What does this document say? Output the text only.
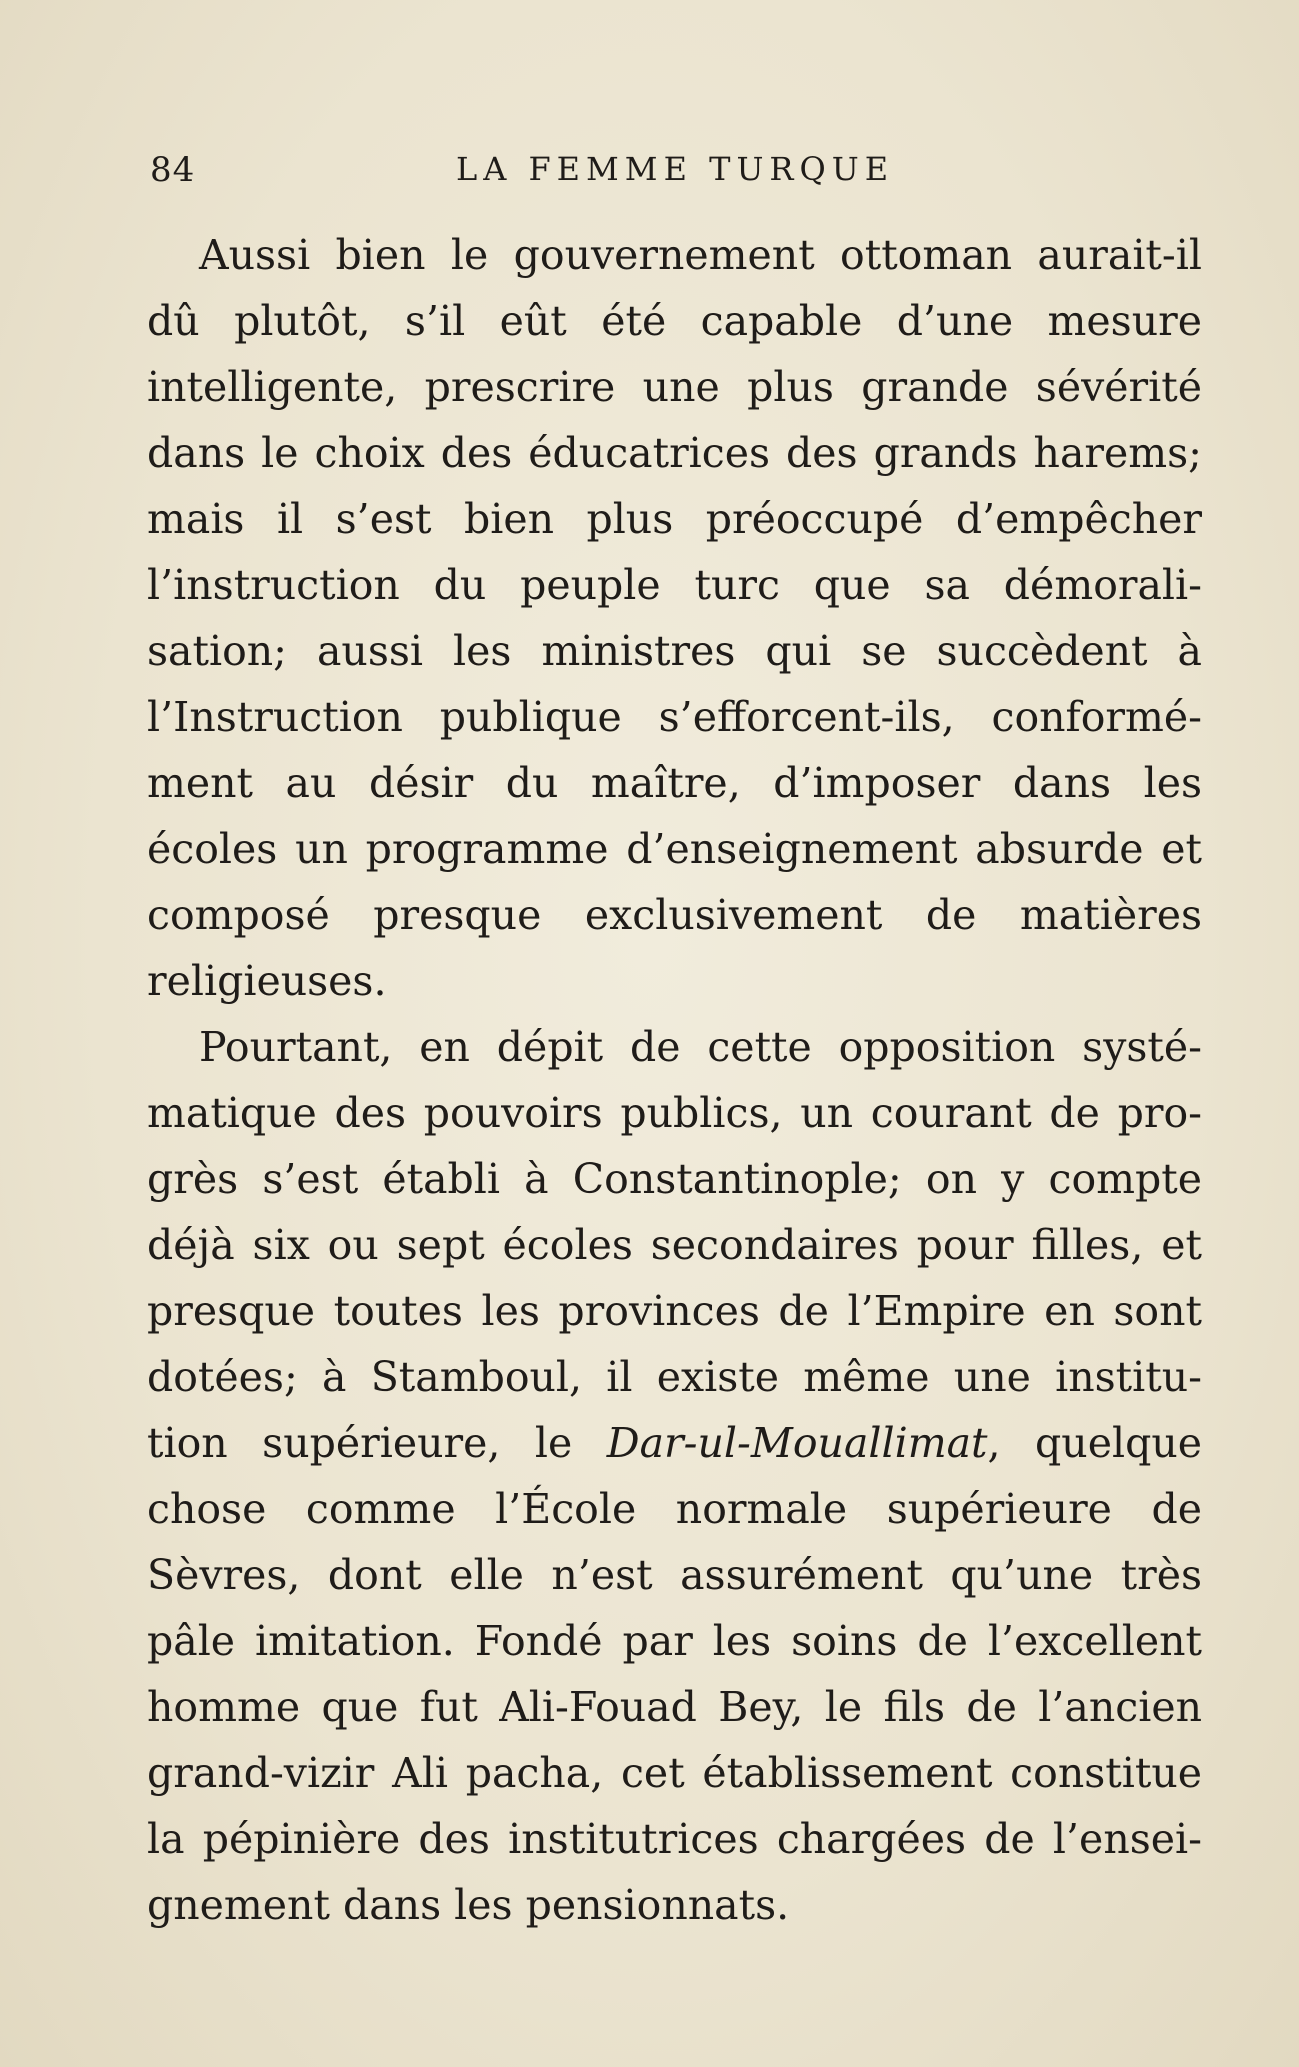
84	LA FEMME TURQUE
Aussi bien le gouvernement ottoman aurait-il
dû plutôt, s’il eût été capable d’une mesure
intelligente, prescrire une plus grande sévérité
dans le choix des éducatrices des grands harems;
mais il s’est bien plus préoccupé d’empêcher
l’instruction du peuple turc que sa démorali-
sation; aussi les ministres qui se succèdent à
l’Instruction publique s’efforcent-ils, conformé-
ment au désir du maître, d’imposer dans les
écoles un programme d’enseignement absurde et
composé presque exclusivement de matières
religieuses.
Pourtant, en dépit de cette opposition systé-
matique des pouvoirs publics, un courant de pro-
grès s’est établi à Constantinople; on y compte
déjà six ou sept écoles secondaires pour filles, et
presque toutes les provinces de l’Empire en sont
dotées; à Stamboul, il existe même une institu-
tion supérieure, le Dar-ul-Mouallimat, quelque
chose comme l’École normale supérieure de
Sèvres, dont elle n’est assurément qu’une très
pâle imitation. Fondé par les soins de l’excellent
homme que fut Ali-Fouad Bey, le fils de l’ancien
grand-vizir Ali pacha, cet établissement constitue
la pépinière des institutrices chargées de l’ensei-
gnement dans les pensionnats.
